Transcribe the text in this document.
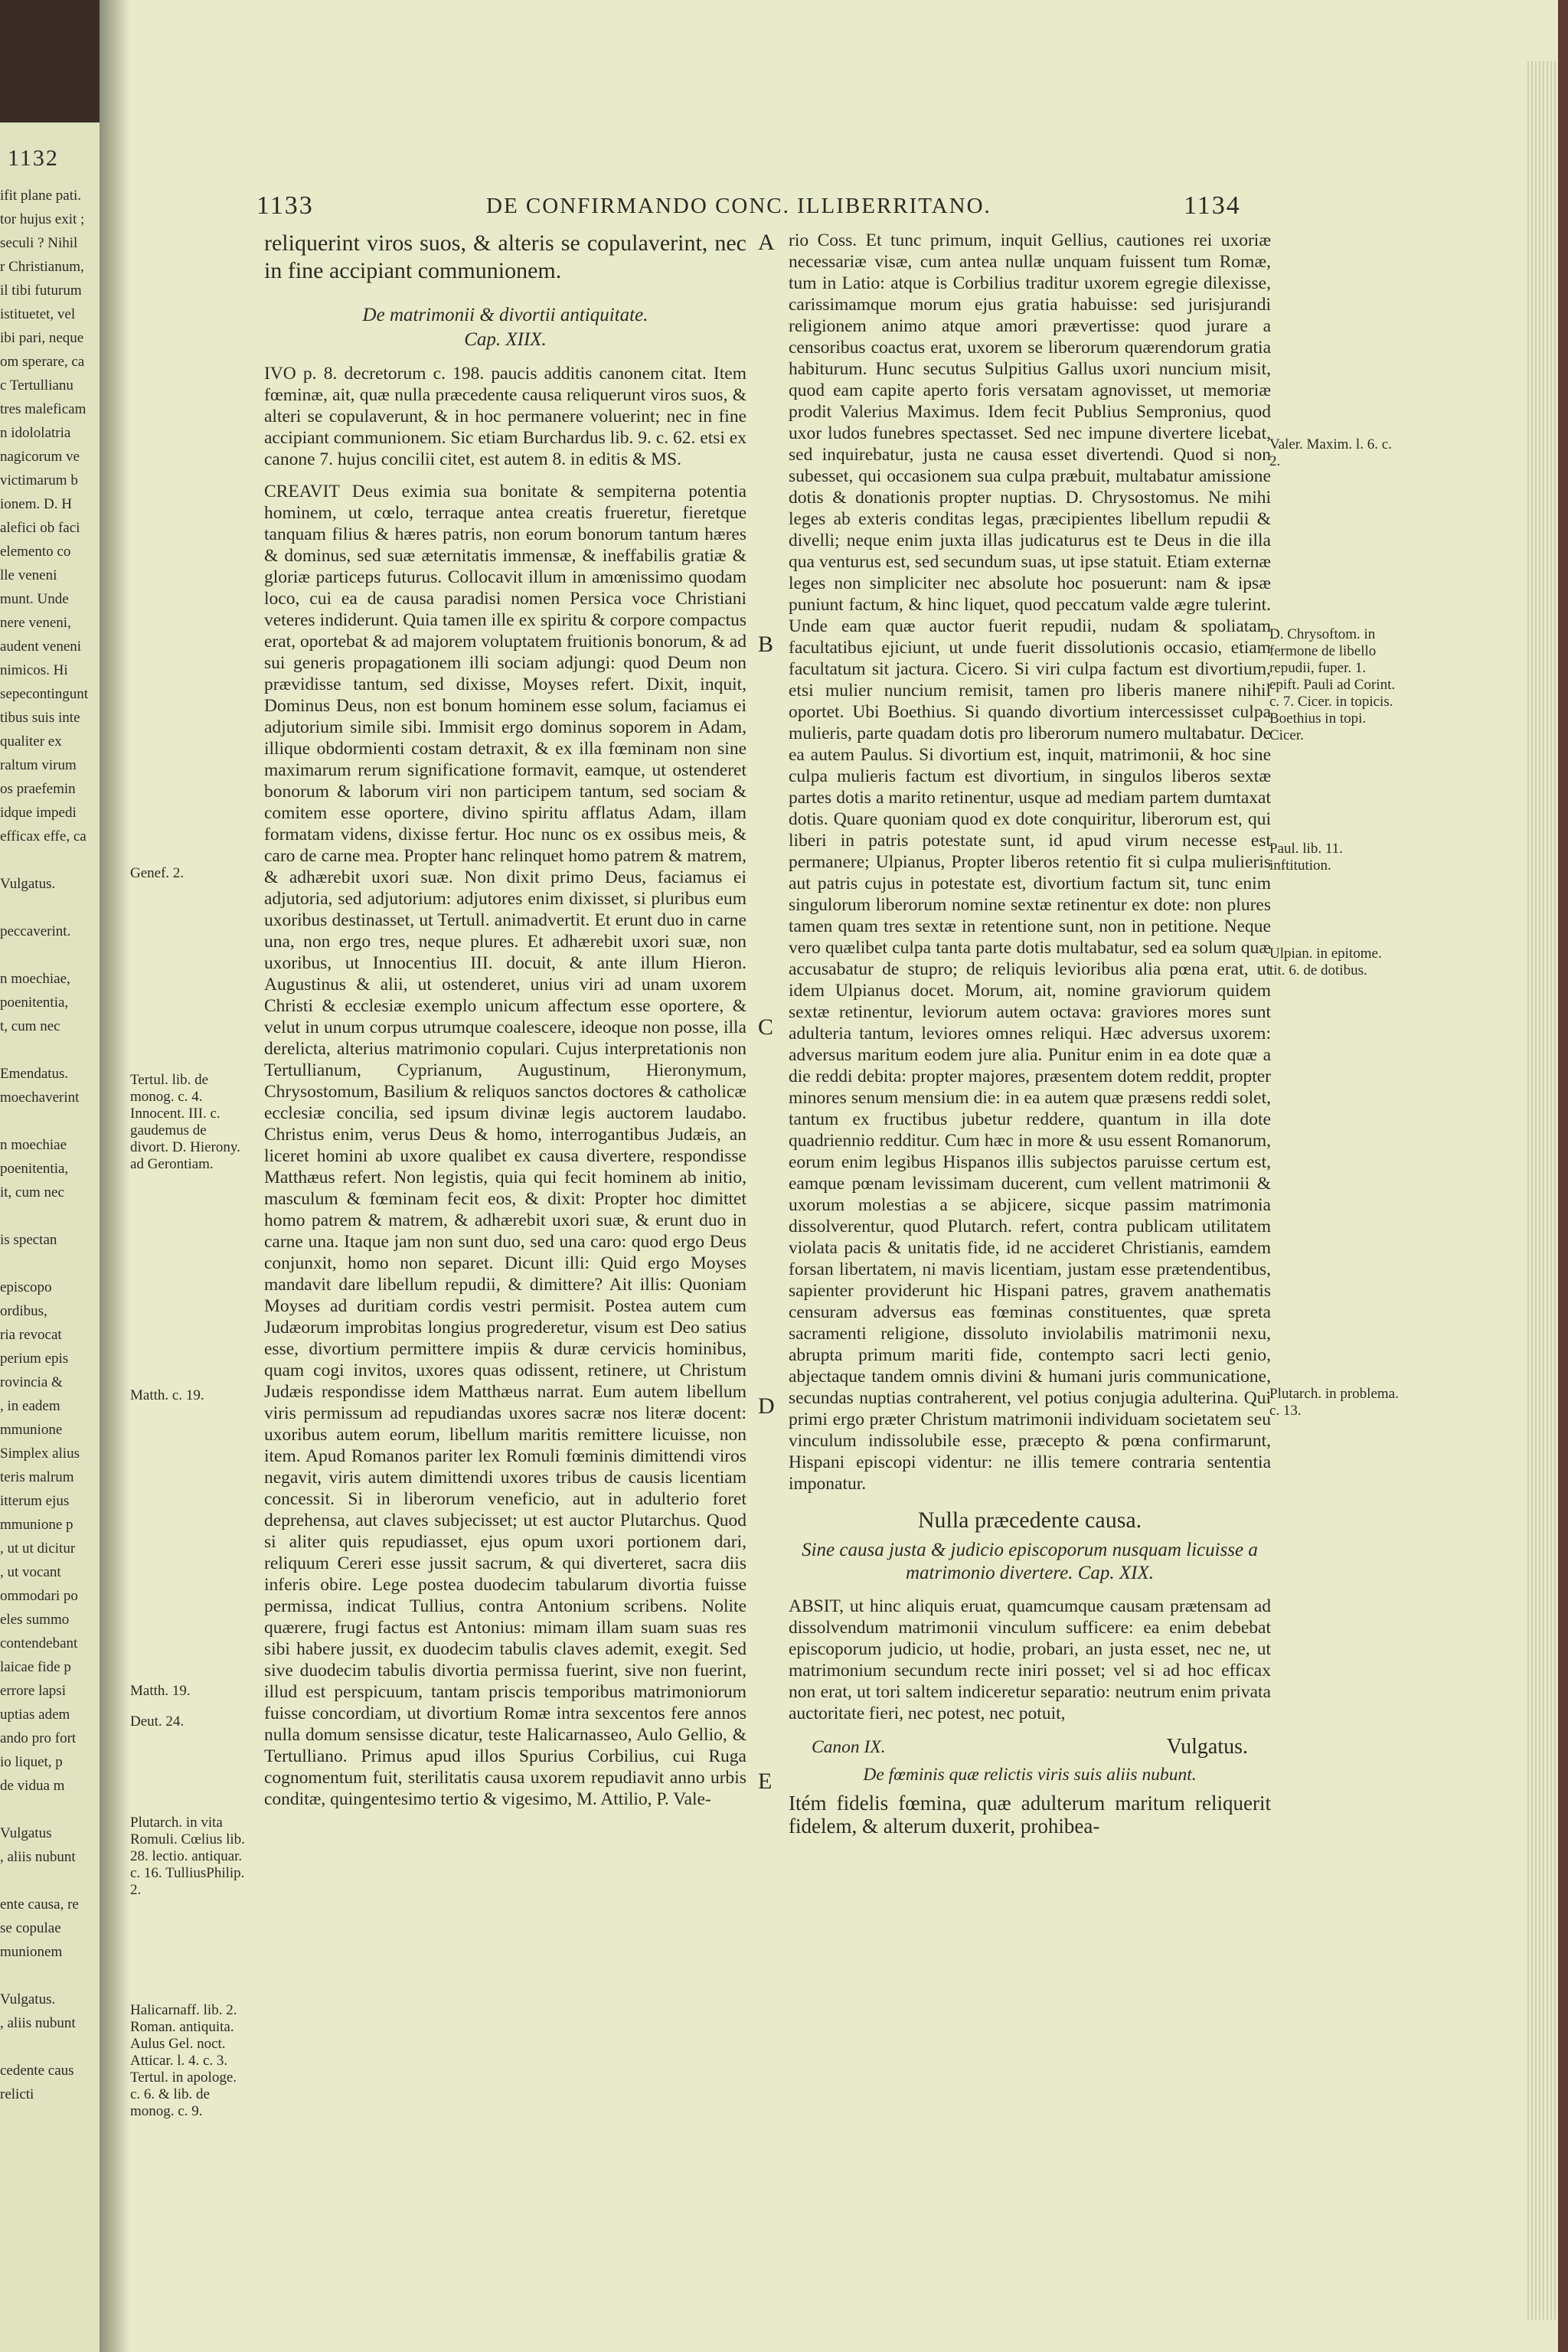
1132
ifit plane pati.
tor hujus exit ;
seculi ? Nihil
r Christianum,
il tibi futurum
istituetet, vel
ibi pari, neque
om sperare, ca
c Tertullianu
tres maleficam
n idololatria
nagicorum ve
victimarum b
ionem. D. H
alefici ob faci
elemento co
lle veneni
munt. Unde
nere veneni,
audent veneni
nimicos. Hi
sepecontingunt
tibus suis inte
qualiter ex
raltum virum
os praefemin
idque impedi
efficax effe, ca

Vulgatus.

peccaverint.

n moechiae,
poenitentia,
t, cum nec

Emendatus.
moechaverint

n moechiae
poenitentia,
it, cum nec

is spectan

episcopo
ordibus,
ria revocat
perium epis
rovincia &
, in eadem
mmunione
Simplex alius
teris malrum
itterum ejus
mmunione p
, ut ut dicitur
, ut vocant
ommodari po
eles summo
contendebant
laicae fide p
errore lapsi
uptias adem
ando pro fort
io liquet, p
de vidua m

Vulgatus
, aliis nubunt

ente causa, re
se copulae
munionem

Vulgatus.
, aliis nubunt

cedente caus
relicti
1133	DE CONFIRMANDO CONC. ILLIBERRITANO.	1134

reliquerint viros suos, & alteris se copulaverint, nec in fine accipiant communionem.

De matrimonii & divortii antiquitate.

Cap. XIIX.

IVO p. 8. decretorum c. 198. paucis additis canonem citat. Item fœminæ, ait, quæ nulla præcedente causa reliquerunt viros suos, & alteri se copulaverunt, & in hoc permanere voluerint; nec in fine accipiant communionem. Sic etiam Burchardus lib. 9. c. 62. etsi ex canone 7. hujus concilii citet, est autem 8. in editis & MS.

CREAVIT Deus eximia sua bonitate & sempiterna potentia hominem, ut cœlo, terraque antea creatis frueretur, fieretque tanquam filius & hæres patris, non eorum bonorum tantum hæres & dominus, sed suæ æternitatis immensæ, & ineffabilis gratiæ & gloriæ particeps futurus. Collocavit illum in amœnissimo quodam loco, cui ea de causa paradisi nomen Persica voce Christiani veteres indiderunt. Quia tamen ille ex spiritu & corpore compactus erat, oportebat & ad majorem voluptatem fruitionis bonorum, & ad sui generis propagationem illi sociam adjungi: quod Deum non prævidisse tantum, sed dixisse, Moyses refert. Dixit, inquit, Dominus Deus, non est bonum hominem esse solum, faciamus ei adjutorium simile sibi. Immisit ergo dominus soporem in Adam, illique obdormienti costam detraxit, & ex illa fœminam non sine maximarum rerum significatione formavit, eamque, ut ostenderet bonorum & laborum viri non participem tantum, sed sociam & comitem esse oportere, divino spiritu afflatus Adam, illam formatam videns, dixisse fertur. Hoc nunc os ex ossibus meis, & caro de carne mea. Propter hanc relinquet homo patrem & matrem, & adhærebit uxori suæ. Non dixit primo Deus, faciamus ei adjutoria, sed adjutorium: adjutores enim dixisset, si pluribus eum uxoribus destinasset, ut Tertull. animadvertit. Et erunt duo in carne una, non ergo tres, neque plures. Et adhærebit uxori suæ, non uxoribus, ut Innocentius III. docuit, & ante illum Hieron. Augustinus & alii, ut ostenderet, unius viri ad unam uxorem Christi & ecclesiæ exemplo unicum affectum esse oportere, & velut in unum corpus utrumque coalescere, ideoque non posse, illa derelicta, alterius matrimonio copulari. Cujus interpretationis non Tertullianum, Cyprianum, Augustinum, Hieronymum, Chrysostomum, Basilium & reliquos sanctos doctores & catholicæ ecclesiæ concilia, sed ipsum divinæ legis auctorem laudabo. Christus enim, verus Deus & homo, interrogantibus Judæis, an liceret homini ab uxore qualibet ex causa divertere, respondisse Matthæus refert. Non legistis, quia qui fecit hominem ab initio, masculum & fœminam fecit eos, & dixit: Propter hoc dimittet homo patrem & matrem, & adhærebit uxori suæ, & erunt duo in carne una. Itaque jam non sunt duo, sed una caro: quod ergo Deus conjunxit, homo non separet. Dicunt illi: Quid ergo Moyses mandavit dare libellum repudii, & dimittere? Ait illis: Quoniam Moyses ad duritiam cordis vestri permisit. Postea autem cum Judæorum improbitas longius progrederetur, visum est Deo satius esse, divortium permittere impiis & duræ cervicis hominibus, quam cogi invitos, uxores quas odissent, retinere, ut Christum Judæis respondisse idem Matthæus narrat. Eum autem libellum viris permissum ad repudiandas uxores sacræ nos literæ docent: uxoribus autem eorum, libellum maritis remittere licuisse, non item. Apud Romanos pariter lex Romuli fœminis dimittendi viros negavit, viris autem dimittendi uxores tribus de causis licentiam concessit. Si in liberorum veneficio, aut in adulterio foret deprehensa, aut claves subjecisset; ut est auctor Plutarchus. Quod si aliter quis repudiasset, ejus opum uxori portionem dari, reliquum Cereri esse jussit sacrum, & qui diverteret, sacra diis inferis obire. Lege postea duodecim tabularum divortia fuisse permissa, indicat Tullius, contra Antonium scribens. Nolite quærere, frugi factus est Antonius: mimam illam suam suas res sibi habere jussit, ex duodecim tabulis claves ademit, exegit. Sed sive duodecim tabulis divortia permissa fuerint, sive non fuerint, illud est perspicuum, tantam priscis temporibus matrimoniorum fuisse concordiam, ut divortium Romæ intra sexcentos fere annos nulla domum sensisse dicatur, teste Halicarnasseo, Aulo Gellio, & Tertulliano. Primus apud illos Spurius Corbilius, cui Ruga cognomentum fuit, sterilitatis causa uxorem repudiavit anno urbis conditæ, quingentesimo tertio & vigesimo, M. Attilio, P. Vale-

A
B
C
D
E

rio Coss. Et tunc primum, inquit Gellius, cautiones rei uxoriæ necessariæ visæ, cum antea nullæ unquam fuissent tum Romæ, tum in Latio: atque is Corbilius traditur uxorem egregie dilexisse, carissimamque morum ejus gratia habuisse: sed jurisjurandi religionem animo atque amori prævertisse: quod jurare a censoribus coactus erat, uxorem se liberorum quærendorum gratia habiturum. Hunc secutus Sulpitius Gallus uxori nuncium misit, quod eam capite aperto foris versatam agnovisset, ut memoriæ prodit Valerius Maximus. Idem fecit Publius Sempronius, quod uxor ludos funebres spectasset. Sed nec impune divertere licebat, sed inquirebatur, justa ne causa esset divertendi. Quod si non subesset, qui occasionem sua culpa præbuit, multabatur amissione dotis & donationis propter nuptias. D. Chrysostomus. Ne mihi leges ab exteris conditas legas, præcipientes libellum repudii & divelli; neque enim juxta illas judicaturus est te Deus in die illa qua venturus est, sed secundum suas, ut ipse statuit. Etiam externæ leges non simpliciter nec absolute hoc posuerunt: nam & ipsæ puniunt factum, & hinc liquet, quod peccatum valde ægre tulerint. Unde eam quæ auctor fuerit repudii, nudam & spoliatam facultatibus ejiciunt, ut unde fuerit dissolutionis occasio, etiam facultatum sit jactura. Cicero. Si viri culpa factum est divortium, etsi mulier nuncium remisit, tamen pro liberis manere nihil oportet. Ubi Boethius. Si quando divortium intercessisset culpa mulieris, parte quadam dotis pro liberorum numero multabatur. De ea autem Paulus. Si divortium est, inquit, matrimonii, & hoc sine culpa mulieris factum est divortium, in singulos liberos sextæ partes dotis a marito retinentur, usque ad mediam partem dumtaxat dotis. Quare quoniam quod ex dote conquiritur, liberorum est, qui liberi in patris potestate sunt, id apud virum necesse est permanere; Ulpianus, Propter liberos retentio fit si culpa mulieris aut patris cujus in potestate est, divortium factum sit, tunc enim singulorum liberorum nomine sextæ retinentur ex dote: non plures tamen quam tres sextæ in retentione sunt, non in petitione. Neque vero quælibet culpa tanta parte dotis multabatur, sed ea solum quæ accusabatur de stupro; de reliquis levioribus alia pœna erat, ut idem Ulpianus docet. Morum, ait, nomine graviorum quidem sextæ retinentur, leviorum autem octava: graviores mores sunt adulteria tantum, leviores omnes reliqui. Hæc adversus uxorem: adversus maritum eodem jure alia. Punitur enim in ea dote quæ a die reddi debita: propter majores, præsentem dotem reddit, propter minores senum mensium die: in ea autem quæ præsens reddi solet, tantum ex fructibus jubetur reddere, quantum in illa dote quadriennio redditur. Cum hæc in more & usu essent Romanorum, eorum enim legibus Hispanos illis subjectos paruisse certum est, eamque pœnam levissimam ducerent, cum vellent matrimonii & uxorum molestias a se abjicere, sicque passim matrimonia dissolverentur, quod Plutarch. refert, contra publicam utilitatem violata pacis & unitatis fide, id ne accideret Christianis, eamdem forsan libertatem, ni mavis licentiam, justam esse prætendentibus, sapienter providerunt hic Hispani patres, gravem anathematis censuram adversus eas fœminas constituentes, quæ spreta sacramenti religione, dissoluto inviolabilis matrimonii nexu, abrupta primum mariti fide, contempto sacri lecti genio, abjectaque tandem omnis divini & humani juris communicatione, secundas nuptias contraherent, vel potius conjugia adulterina. Qui primi ergo præter Christum matrimonii individuam societatem seu vinculum indissolubile esse, præcepto & pœna confirmarunt, Hispani episcopi videntur: ne illis temere contraria sententia imponatur.

Nulla præcedente causa.

Sine causa justa & judicio episcoporum nusquam licuisse a matrimonio divertere. Cap. XIX.

ABSIT, ut hinc aliquis eruat, quamcumque causam prætensam ad dissolvendum matrimonii vinculum sufficere: ea enim debebat episcoporum judicio, ut hodie, probari, an justa esset, nec ne, ut matrimonium secundum recte iniri posset; vel si ad hoc efficax non erat, ut tori saltem indiceretur separatio: neutrum enim privata auctoritate fieri, nec potest, nec potuit,

Canon IX.	Vulgatus.

De fœminis quæ relictis viris suis aliis nubunt.

Itém fidelis fœmina, quæ adulterum maritum reliquerit fidelem, & alterum duxerit, prohibea-

Genef. 2.
Tertul. lib. de monog. c. 4. Innocent. III. c. gaudemus de divort. D. Hierony. ad Gerontiam.
Matth. c. 19.
Matth. 19.
Deut. 24.
Plutarch. in vita Romuli. Cœlius lib. 28. lectio. antiquar. c. 16. TulliusPhilip. 2.
Halicarnaff. lib. 2. Roman. antiquita. Aulus Gel. noct. Atticar. l. 4. c. 3. Tertul. in apologe. c. 6. & lib. de monog. c. 9.
Valer. Maxim. l. 6. c. 2.
D. Chrysoftom. in fermone de libello repudii, fuper. 1. epift. Pauli ad Corint. c. 7. Cicer. in topicis. Boethius in topi. Cicer.
Paul. lib. 11. inftitution.
Ulpian. in epitome. tit. 6. de dotibus.
Plutarch. in problema. c. 13.
